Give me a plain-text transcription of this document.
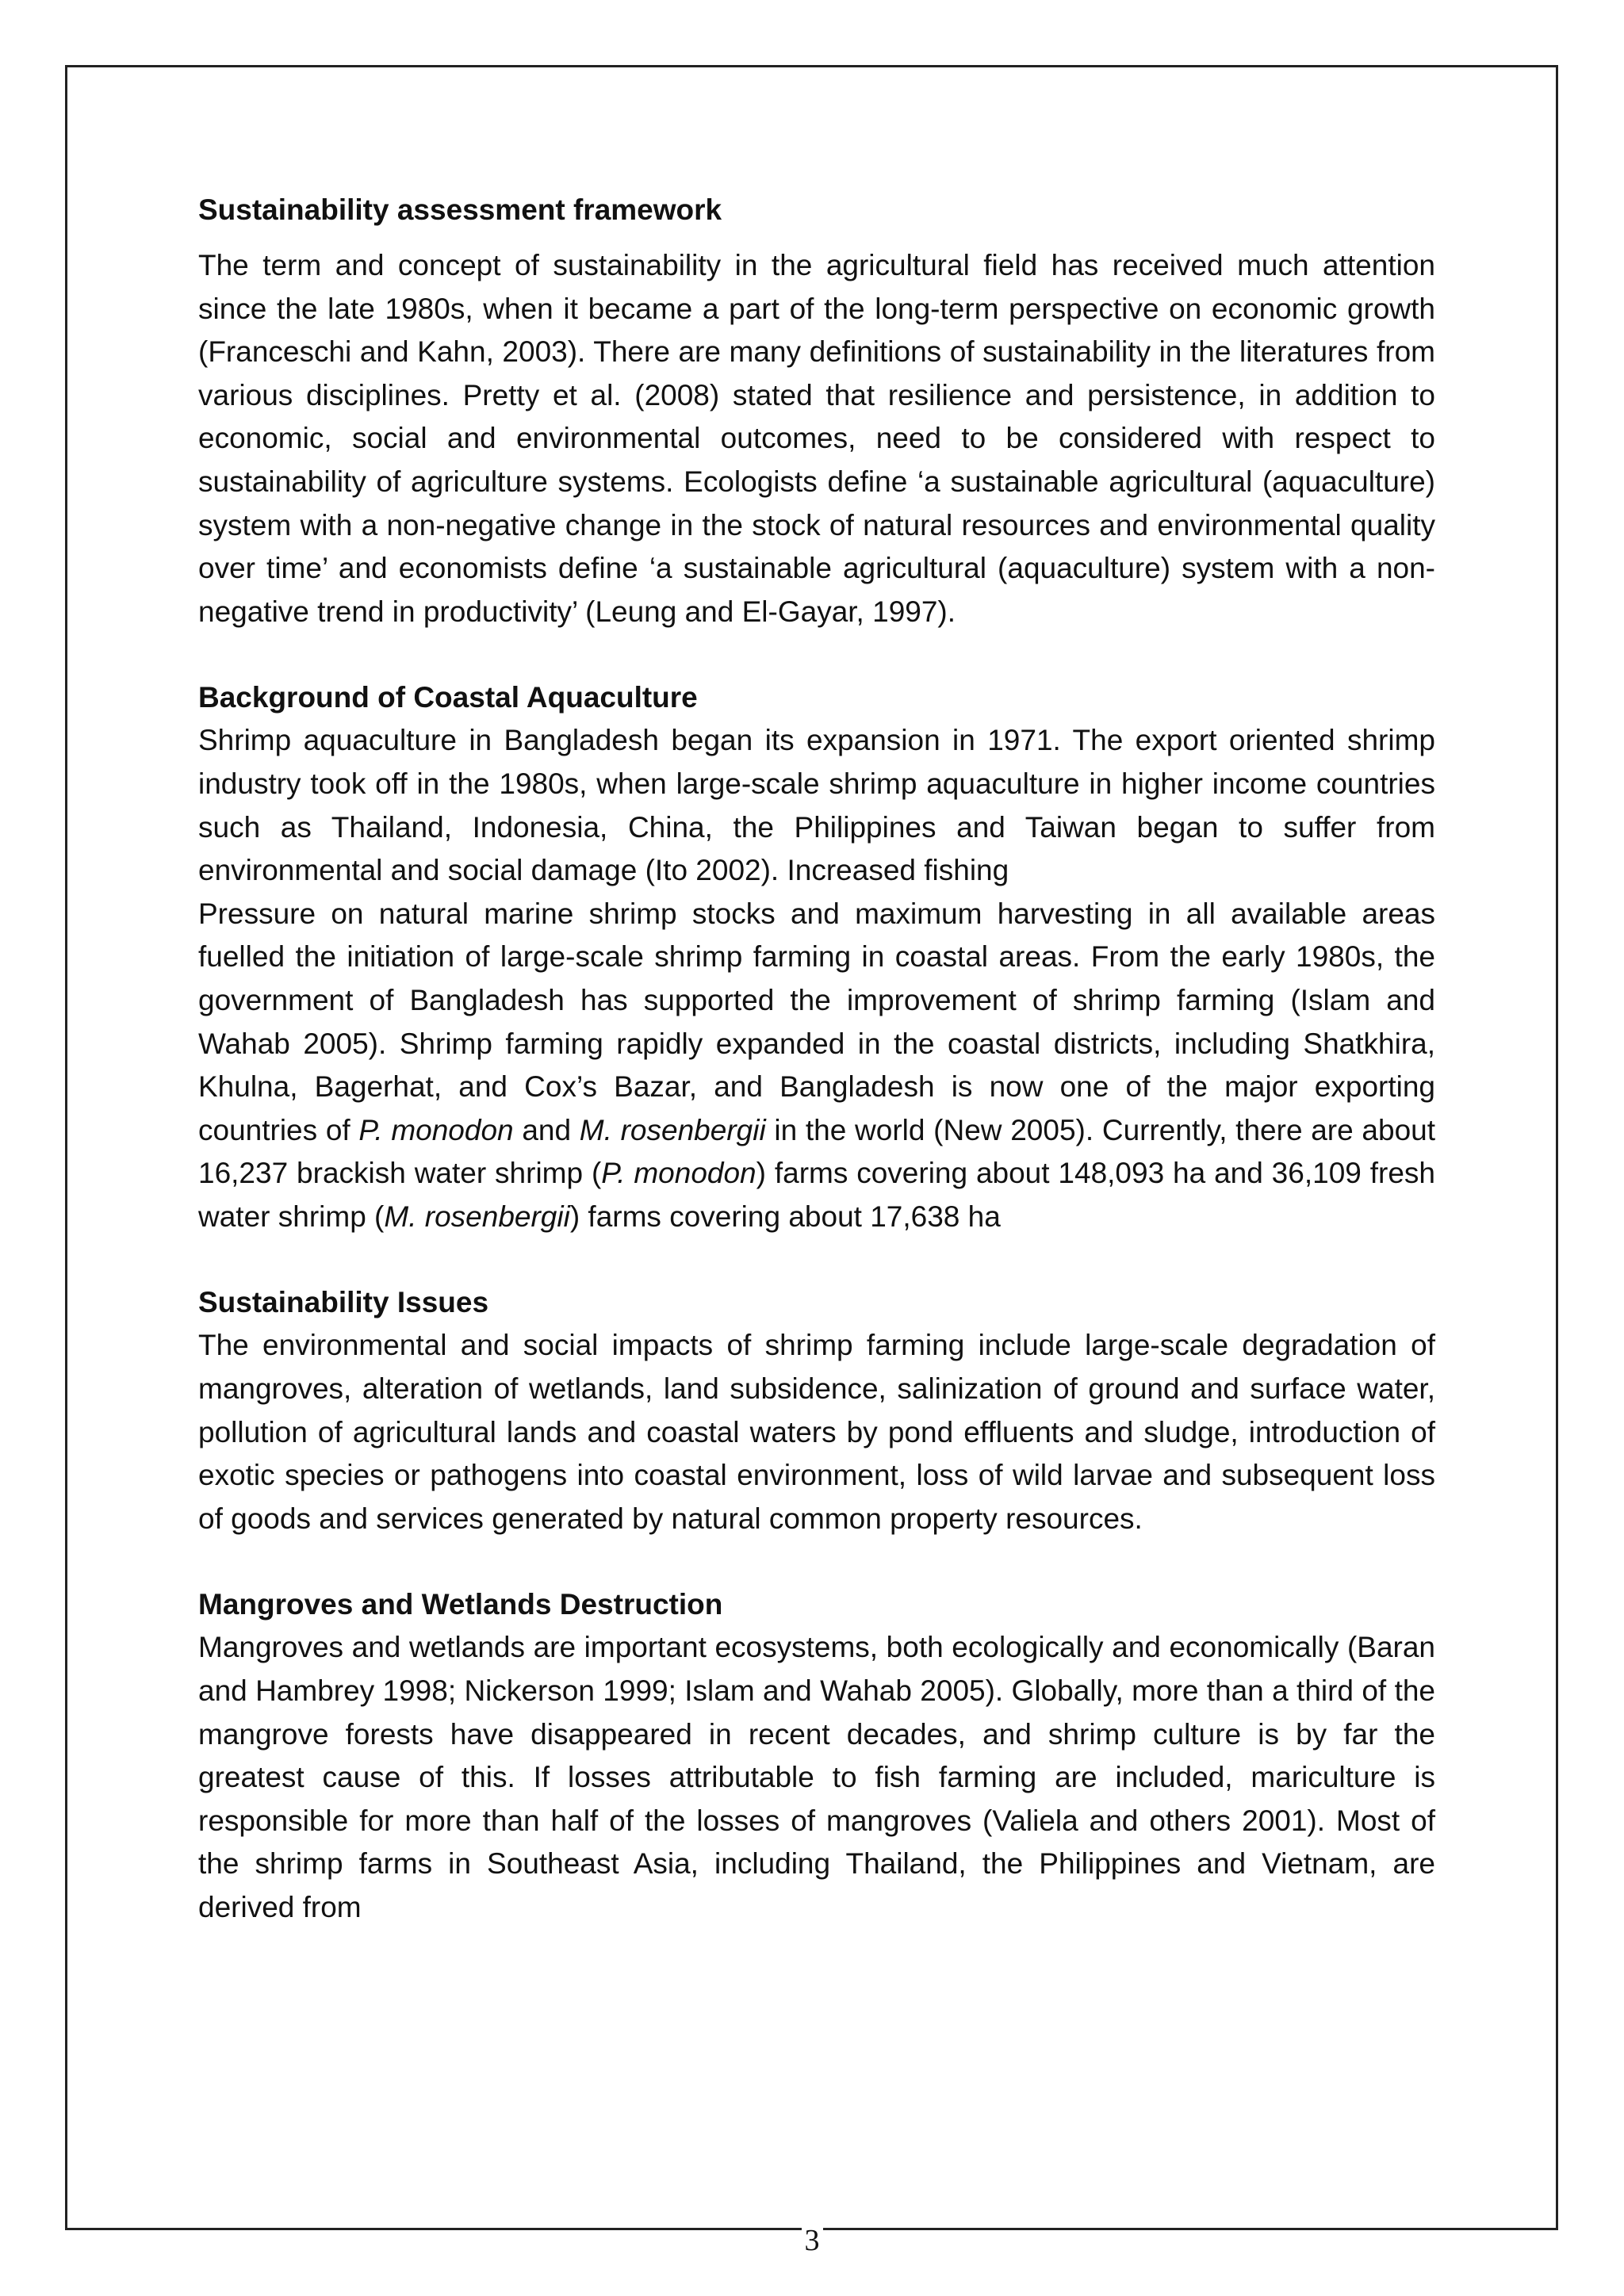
Sustainability assessment framework

The term and concept of sustainability in the agricultural field has received much attention since the late 1980s, when it became a part of the long-term perspective on economic growth (Franceschi and Kahn, 2003). There are many definitions of sustainability in the literatures from various disciplines. Pretty et al. (2008) stated that resilience and persistence, in addition to economic, social and environmental outcomes, need to be considered with respect to sustainability of agriculture systems. Ecologists define ‘a sustainable agricultural (aquaculture) system with a non-negative change in the stock of natural resources and environmental quality over time’ and economists define ‘a sustainable agricultural (aquaculture) system with a non-negative trend in productivity’ (Leung and El-Gayar, 1997).

Background of Coastal Aquaculture

Shrimp aquaculture in Bangladesh began its expansion in 1971. The export oriented shrimp industry took off in the 1980s, when large-scale shrimp aquaculture in higher income countries such as Thailand, Indonesia, China, the Philippines and Taiwan began to suffer from environmental and social damage (Ito 2002). Increased fishing

Pressure on natural marine shrimp stocks and maximum harvesting in all available areas fuelled the initiation of large-scale shrimp farming in coastal areas. From the early 1980s, the government of Bangladesh has supported the improvement of shrimp farming (Islam and Wahab 2005). Shrimp farming rapidly expanded in the coastal districts, including Shatkhira, Khulna, Bagerhat, and Cox’s Bazar, and Bangladesh is now one of the major exporting countries of P. monodon and M. rosenbergii in the world (New 2005). Currently, there are about 16,237 brackish water shrimp (P. monodon) farms covering about 148,093 ha and 36,109 fresh water shrimp (M. rosenbergii) farms covering about 17,638 ha

Sustainability Issues

The environmental and social impacts of shrimp farming include large-scale degradation of mangroves, alteration of wetlands, land subsidence, salinization of ground and surface water, pollution of agricultural lands and coastal waters by pond effluents and sludge, introduction of exotic species or pathogens into coastal environment, loss of wild larvae and subsequent loss of goods and services generated by natural common property resources.

Mangroves and Wetlands Destruction

Mangroves and wetlands are important ecosystems, both ecologically and economically (Baran and Hambrey 1998; Nickerson 1999; Islam and Wahab 2005). Globally, more than a third of the mangrove forests have disappeared in recent decades, and shrimp culture is by far the greatest cause of this. If losses attributable to fish farming are included, mariculture is responsible for more than half of the losses of mangroves (Valiela and others 2001). Most of the shrimp farms in Southeast Asia, including Thailand, the Philippines and Vietnam, are derived from

3
